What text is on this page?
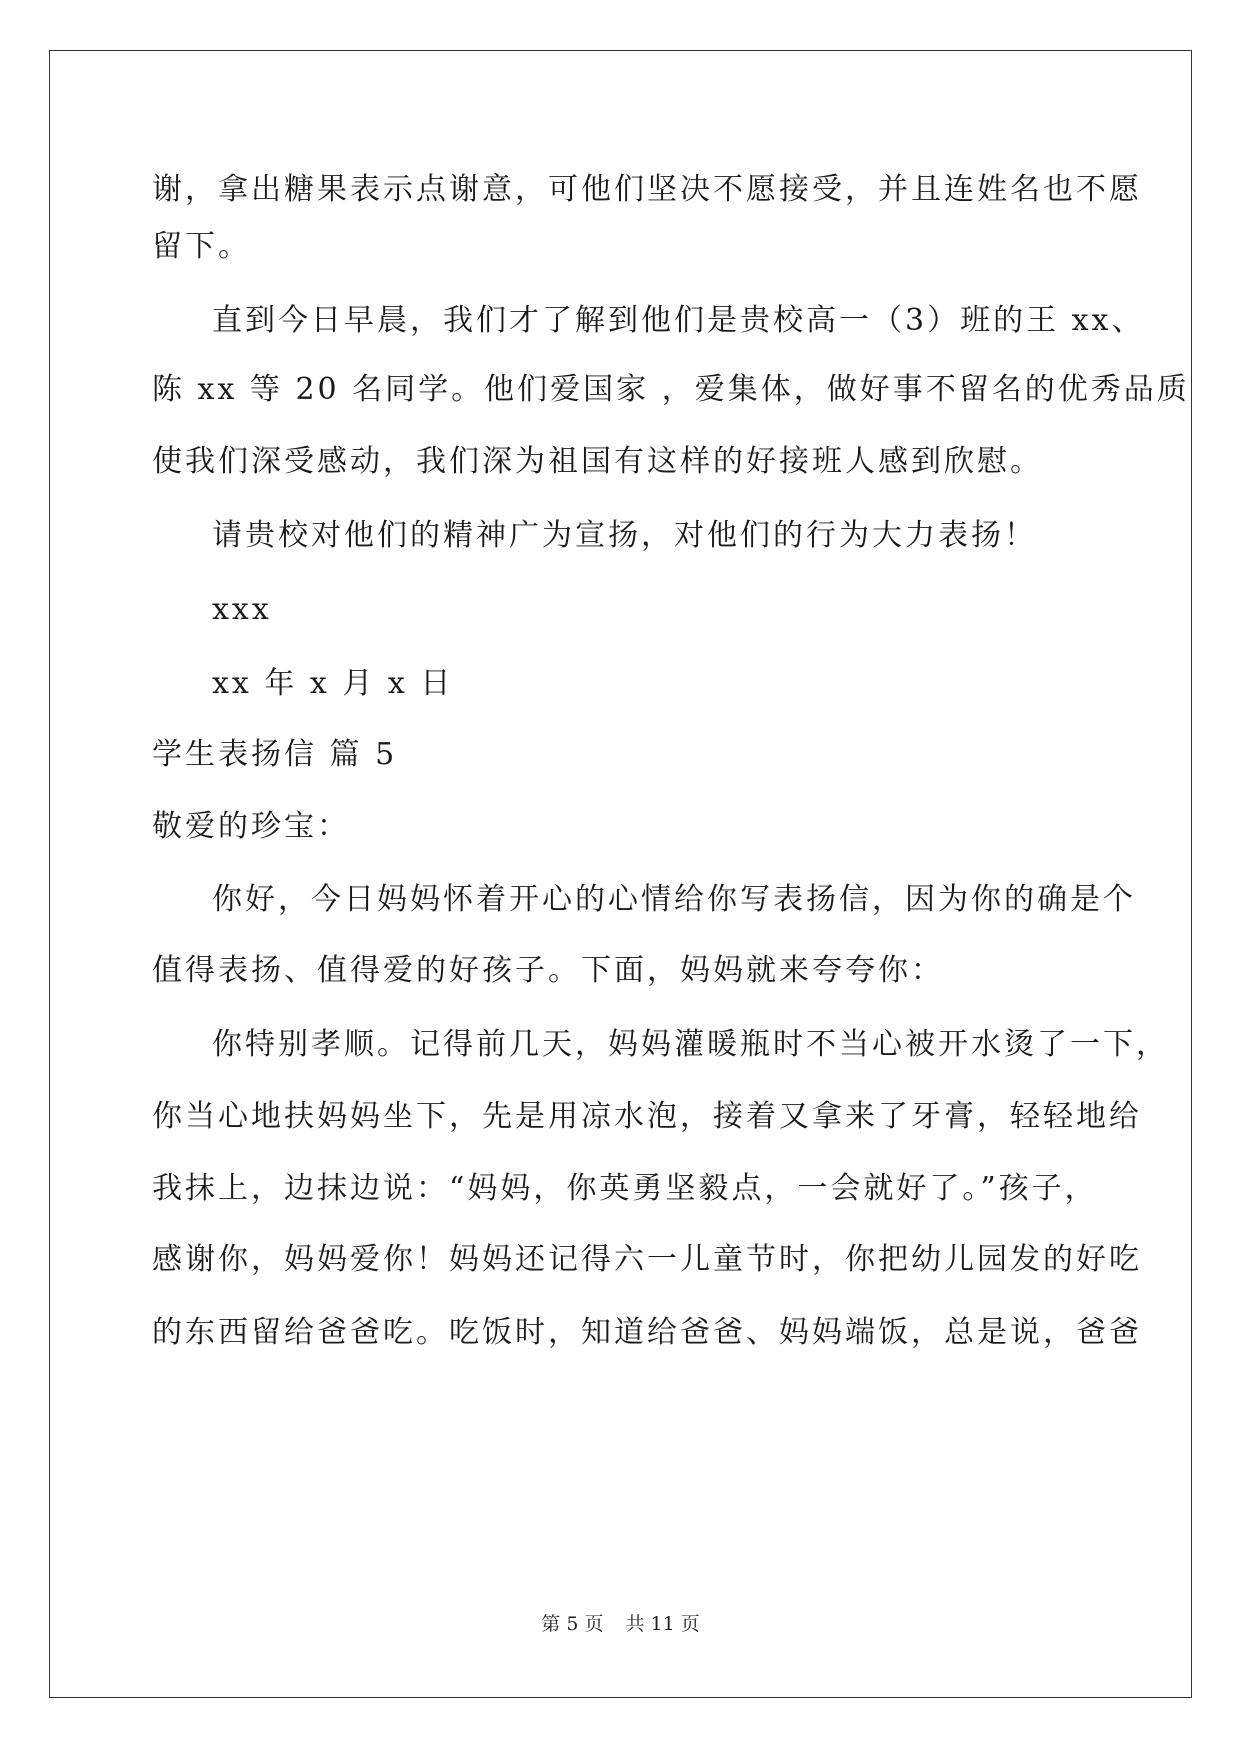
谢，拿出糖果表示点谢意，可他们坚决不愿接受，并且连姓名也不愿
留下。
直到今日早晨，我们才了解到他们是贵校高一（3）班的王 xx、
陈 xx 等 20 名同学。他们爱国家 ，爱集体，做好事不留名的优秀品质
使我们深受感动，我们深为祖国有这样的好接班人感到欣慰。
请贵校对他们的精神广为宣扬，对他们的行为大力表扬！
xxx
xx 年 x 月 x 日
学生表扬信 篇 5
敬爱的珍宝：
你好，今日妈妈怀着开心的心情给你写表扬信，因为你的确是个
值得表扬、值得爱的好孩子。下面，妈妈就来夸夸你：
你特别孝顺。记得前几天，妈妈灌暖瓶时不当心被开水烫了一下，
你当心地扶妈妈坐下，先是用凉水泡，接着又拿来了牙膏，轻轻地给
我抹上，边抹边说：“妈妈，你英勇坚毅点，一会就好了。”孩子，
感谢你，妈妈爱你！妈妈还记得六一儿童节时，你把幼儿园发的好吃
的东西留给爸爸吃。吃饭时，知道给爸爸、妈妈端饭，总是说，爸爸
第 5 页 共 11 页
